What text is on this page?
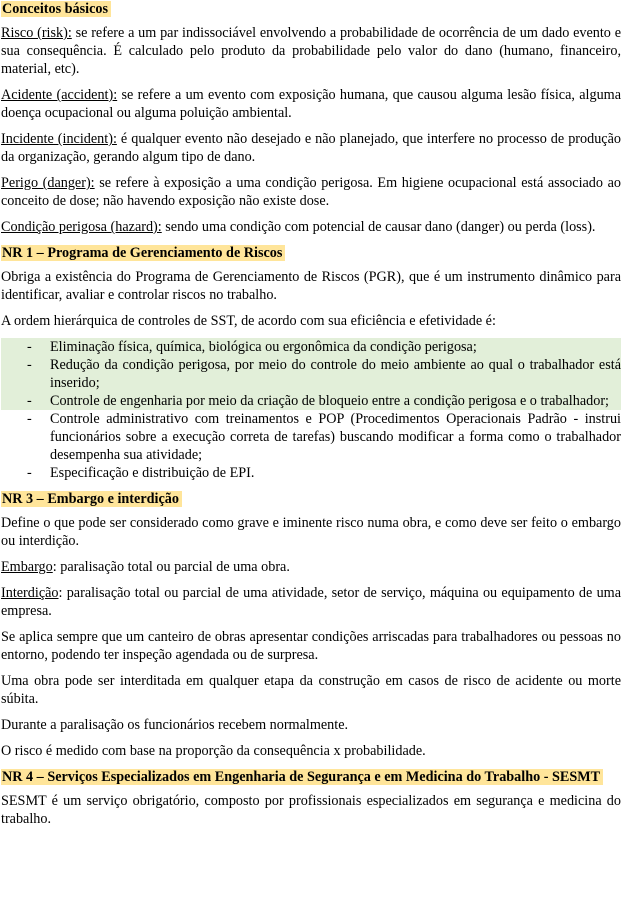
Conceitos básicos

Risco (risk): se refere a um par indissociável envolvendo a probabilidade de ocorrência de um dado evento e sua consequência. É calculado pelo produto da probabilidade pelo valor do dano (humano, financeiro, material, etc).

Acidente (accident): se refere a um evento com exposição humana, que causou alguma lesão física, alguma doença ocupacional ou alguma poluição ambiental.

Incidente (incident): é qualquer evento não desejado e não planejado, que interfere no processo de produção da organização, gerando algum tipo de dano.

Perigo (danger): se refere à exposição a uma condição perigosa. Em higiene ocupacional está associado ao conceito de dose; não havendo exposição não existe dose.

Condição perigosa (hazard): sendo uma condição com potencial de causar dano (danger) ou perda (loss).

NR 1 – Programa de Gerenciamento de Riscos

Obriga a existência do Programa de Gerenciamento de Riscos (PGR), que é um instrumento dinâmico para identificar, avaliar e controlar riscos no trabalho.

A ordem hierárquica de controles de SST, de acordo com sua eficiência e efetividade é:

- Eliminação física, química, biológica ou ergonômica da condição perigosa;
- Redução da condição perigosa, por meio do controle do meio ambiente ao qual o trabalhador está inserido;
- Controle de engenharia por meio da criação de bloqueio entre a condição perigosa e o trabalhador;
- Controle administrativo com treinamentos e POP (Procedimentos Operacionais Padrão - instrui funcionários sobre a execução correta de tarefas) buscando modificar a forma como o trabalhador desempenha sua atividade;
- Especificação e distribuição de EPI.
NR 3 – Embargo e interdição

Define o que pode ser considerado como grave e iminente risco numa obra, e como deve ser feito o embargo ou interdição.

Embargo: paralisação total ou parcial de uma obra.

Interdição: paralisação total ou parcial de uma atividade, setor de serviço, máquina ou equipamento de uma empresa.

Se aplica sempre que um canteiro de obras apresentar condições arriscadas para trabalhadores ou pessoas no entorno, podendo ter inspeção agendada ou de surpresa.

Uma obra pode ser interditada em qualquer etapa da construção em casos de risco de acidente ou morte súbita.

Durante a paralisação os funcionários recebem normalmente.

O risco é medido com base na proporção da consequência x probabilidade.

NR 4 – Serviços Especializados em Engenharia de Segurança e em Medicina do Trabalho - SESMT

SESMT é um serviço obrigatório, composto por profissionais especializados em segurança e medicina do trabalho.
